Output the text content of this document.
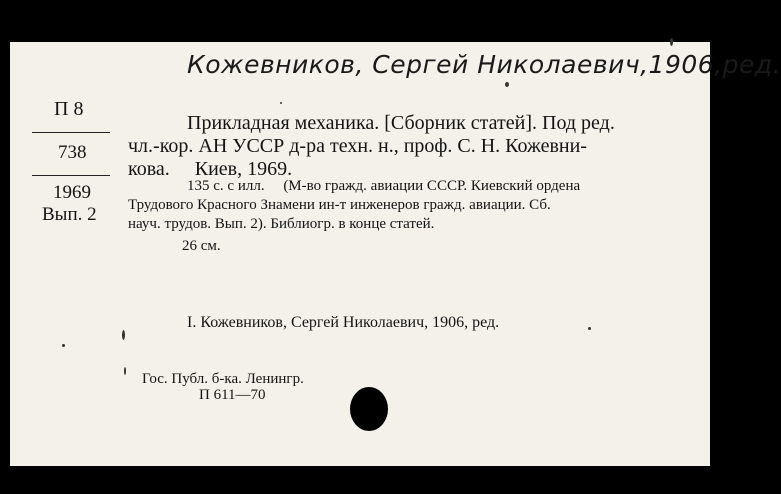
Кожевников, Сергей Николаевич,1906,ред.
П 8
738
1969
Вып. 2
Прикладная механика. [Сборник статей]. Под ред.
чл.-кор. АН УССР д-ра техн. н., проф. С. Н. Кожевни-
кова.     Киев, 1969.
135 с. с илл.     (М-во гражд. авиации СССР. Киевский ордена
Трудового Красного Знамени ин-т инженеров гражд. авиации. Сб.
науч. трудов. Вып. 2). Библиогр. в конце статей.
26 см.
I. Кожевников, Сергей Николаевич, 1906, ред.
Гос. Публ. б-ка. Ленингр.
П 611—70
